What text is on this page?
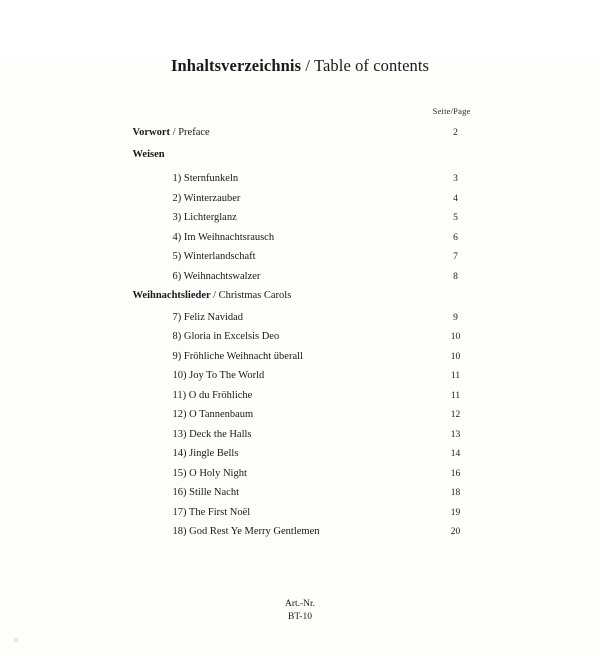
Inhaltsverzeichnis / Table of contents
Seite/Page
Vorwort / Preface	2
Weisen
1) Sternfunkeln	3
2) Winterzauber	4
3) Lichterglanz	5
4) Im Weihnachtsrausch	6
5) Winterlandschaft	7
6) Weihnachtswalzer	8
Weihnachtslieder / Christmas Carols
7) Feliz Navidad	9
8) Gloria in Excelsis Deo	10
9) Fröhliche Weihnacht überall	10
10) Joy To The World	11
11) O du Fröhliche	11
12) O Tannenbaum	12
13) Deck the Halls	13
14) Jingle Bells	14
15) O Holy Night	16
16) Stille Nacht	18
17) The First Noël	19
18) God Rest Ye Merry Gentlemen	20
Art.-Nr.
BT-10
